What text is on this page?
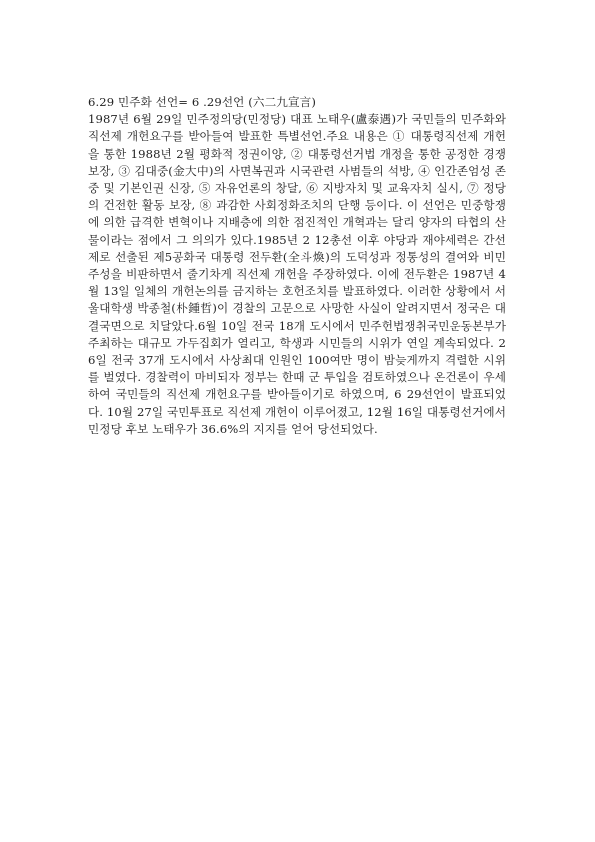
6.29 민주화 선언= 6 .29선언 (六二九宣言)
1987년 6월 29일 민주정의당(민정당) 대표 노태우(盧泰遇)가 국민들의 민주화와 직선제 개헌요구를 받아들여 발표한 특별선언.주요 내용은 ① 대통령직선제 개헌을 통한 1988년 2월 평화적 정권이양, ② 대통령선거법 개정을 통한 공정한 경쟁 보장, ③ 김대중(金大中)의 사면복권과 시국관련 사범들의 석방, ④ 인간존엄성 존중 및 기본인권 신장, ⑤ 자유언론의 창달, ⑥ 지방자치 및 교육자치 실시, ⑦ 정당의 건전한 활동 보장, ⑧ 과감한 사회정화조치의 단행 등이다. 이 선언은 민중항쟁에 의한 급격한 변혁이나 지배층에 의한 점진적인 개혁과는 달리 양자의 타협의 산물이라는 점에서 그 의의가 있다.1985년 2 12총선 이후 야당과 재야세력은 간선제로 선출된 제5공화국 대통령 전두환(全斗煥)의 도덕성과 정통성의 결여와 비민주성을 비판하면서 줄기차게 직선제 개헌을 주장하였다. 이에 전두환은 1987년 4월 13일 일체의 개헌논의를 금지하는 호헌조치를 발표하였다. 이러한 상황에서 서울대학생 박종철(朴鍾哲)이 경찰의 고문으로 사망한 사실이 알려지면서 정국은 대결국면으로 치달았다.6월 10일 전국 18개 도시에서 민주헌법쟁취국민운동본부가 주최하는 대규모 가두집회가 열리고, 학생과 시민들의 시위가 연일 계속되었다. 26일 전국 37개 도시에서 사상최대 인원인 100여만 명이 밤늦게까지 격렬한 시위를 벌였다. 경찰력이 마비되자 정부는 한때 군 투입을 검토하였으나 온건론이 우세하여 국민들의 직선제 개헌요구를 받아들이기로 하였으며, 6 29선언이 발표되었다. 10월 27일 국민투표로 직선제 개헌이 이루어졌고, 12월 16일 대통령선거에서 민정당 후보 노태우가 36.6%의 지지를 얻어 당선되었다.
